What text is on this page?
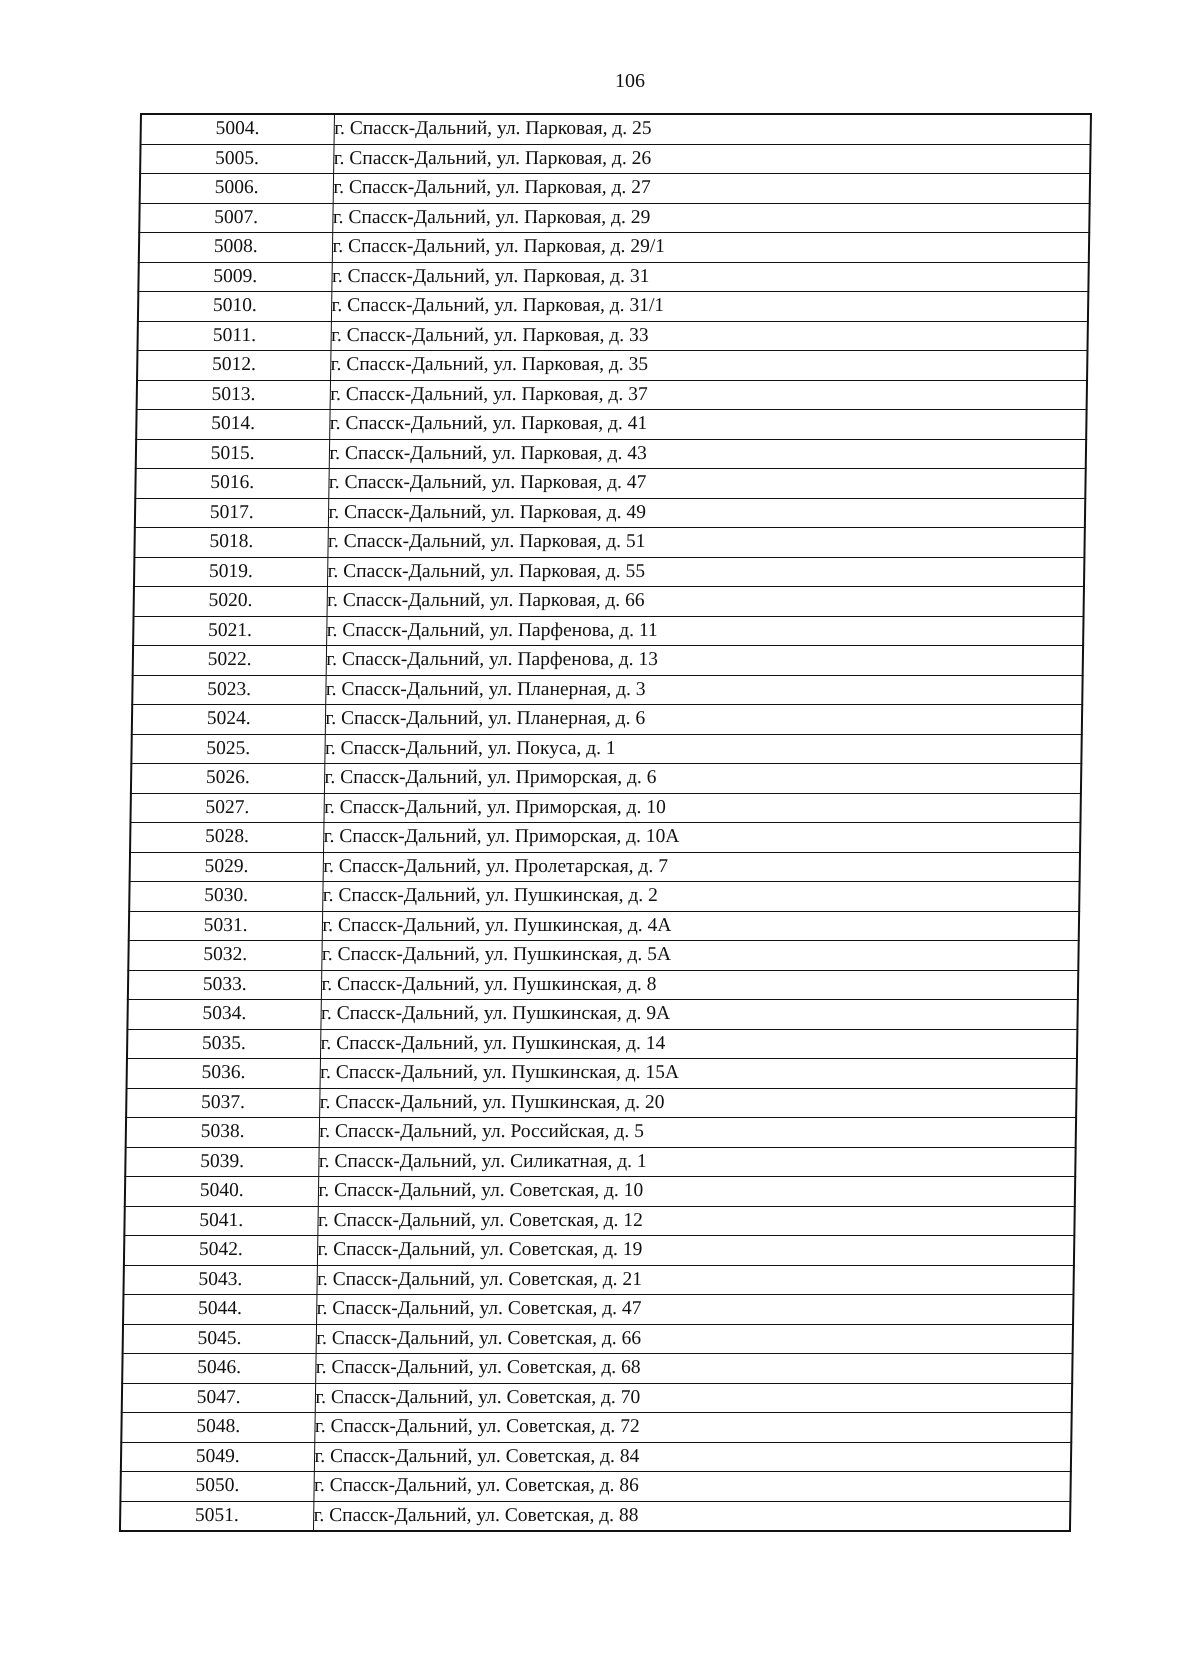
106
5004.	г. Спасск-Дальний, ул. Парковая, д. 25
5005.	г. Спасск-Дальний, ул. Парковая, д. 26
5006.	г. Спасск-Дальний, ул. Парковая, д. 27
5007.	г. Спасск-Дальний, ул. Парковая, д. 29
5008.	г. Спасск-Дальний, ул. Парковая, д. 29/1
5009.	г. Спасск-Дальний, ул. Парковая, д. 31
5010.	г. Спасск-Дальний, ул. Парковая, д. 31/1
5011.	г. Спасск-Дальний, ул. Парковая, д. 33
5012.	г. Спасск-Дальний, ул. Парковая, д. 35
5013.	г. Спасск-Дальний, ул. Парковая, д. 37
5014.	г. Спасск-Дальний, ул. Парковая, д. 41
5015.	г. Спасск-Дальний, ул. Парковая, д. 43
5016.	г. Спасск-Дальний, ул. Парковая, д. 47
5017.	г. Спасск-Дальний, ул. Парковая, д. 49
5018.	г. Спасск-Дальний, ул. Парковая, д. 51
5019.	г. Спасск-Дальний, ул. Парковая, д. 55
5020.	г. Спасск-Дальний, ул. Парковая, д. 66
5021.	г. Спасск-Дальний, ул. Парфенова, д. 11
5022.	г. Спасск-Дальний, ул. Парфенова, д. 13
5023.	г. Спасск-Дальний, ул. Планерная, д. 3
5024.	г. Спасск-Дальний, ул. Планерная, д. 6
5025.	г. Спасск-Дальний, ул. Покуса, д. 1
5026.	г. Спасск-Дальний, ул. Приморская, д. 6
5027.	г. Спасск-Дальний, ул. Приморская, д. 10
5028.	г. Спасск-Дальний, ул. Приморская, д. 10А
5029.	г. Спасск-Дальний, ул. Пролетарская, д. 7
5030.	г. Спасск-Дальний, ул. Пушкинская, д. 2
5031.	г. Спасск-Дальний, ул. Пушкинская, д. 4А
5032.	г. Спасск-Дальний, ул. Пушкинская, д. 5А
5033.	г. Спасск-Дальний, ул. Пушкинская, д. 8
5034.	г. Спасск-Дальний, ул. Пушкинская, д. 9А
5035.	г. Спасск-Дальний, ул. Пушкинская, д. 14
5036.	г. Спасск-Дальний, ул. Пушкинская, д. 15А
5037.	г. Спасск-Дальний, ул. Пушкинская, д. 20
5038.	г. Спасск-Дальний, ул. Российская, д. 5
5039.	г. Спасск-Дальний, ул. Силикатная, д. 1
5040.	г. Спасск-Дальний, ул. Советская, д. 10
5041.	г. Спасск-Дальний, ул. Советская, д. 12
5042.	г. Спасск-Дальний, ул. Советская, д. 19
5043.	г. Спасск-Дальний, ул. Советская, д. 21
5044.	г. Спасск-Дальний, ул. Советская, д. 47
5045.	г. Спасск-Дальний, ул. Советская, д. 66
5046.	г. Спасск-Дальний, ул. Советская, д. 68
5047.	г. Спасск-Дальний, ул. Советская, д. 70
5048.	г. Спасск-Дальний, ул. Советская, д. 72
5049.	г. Спасск-Дальний, ул. Советская, д. 84
5050.	г. Спасск-Дальний, ул. Советская, д. 86
5051.	г. Спасск-Дальний, ул. Советская, д. 88
